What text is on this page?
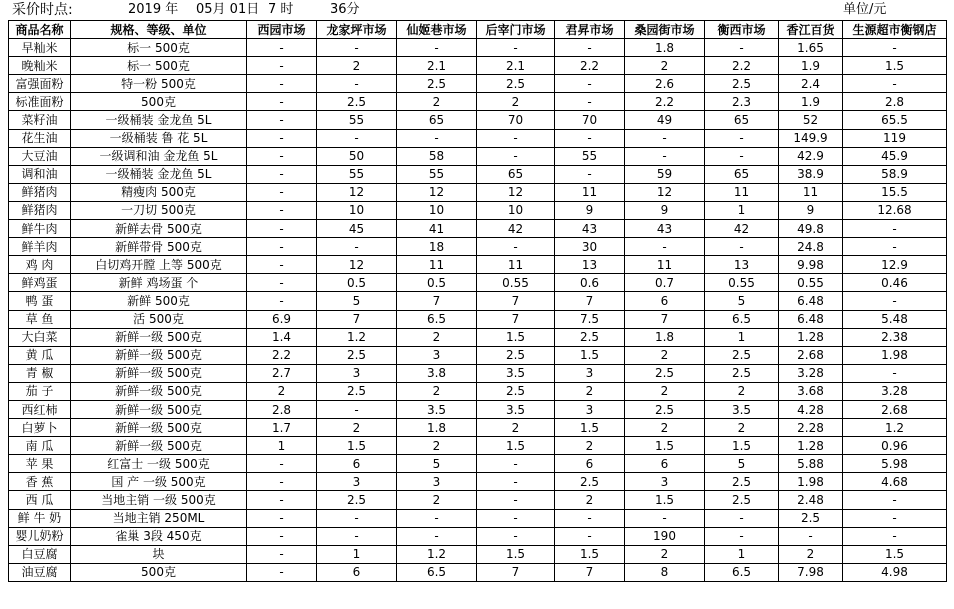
采价时点:	2019 年 05月 01日 7 时	36分	单位/元
商品名称	规格、等级、单位	西园市场	龙家坪市场	仙姬巷市场	后宰门市场	君昇市场	桑园街市场	衡西市场	香江百货	生源超市衡钢店
早籼米	标一 500克	-	-	-	-	-	1.8	-	1.65	-
晚籼米	标一 500克	-	2	2.1	2.1	2.2	2	2.2	1.9	1.5
富强面粉	特一粉 500克	-	-	2.5	2.5	-	2.6	2.5	2.4	-
标准面粉	500克	-	2.5	2	2	-	2.2	2.3	1.9	2.8
菜籽油	一级桶装 金龙鱼 5L	-	55	65	70	70	49	65	52	65.5
花生油	一级桶装 鲁 花 5L	-	-	-	-	-	-	-	149.9	119
大豆油	一级调和油 金龙鱼 5L	-	50	58	-	55	-	-	42.9	45.9
调和油	一级桶装 金龙鱼 5L	-	55	55	65	-	59	65	38.9	58.9
鲜猪肉	精瘦肉 500克	-	12	12	12	11	12	11	11	15.5
鲜猪肉	一刀切 500克	-	10	10	10	9	9	1	9	12.68
鲜牛肉	新鲜去骨 500克	-	45	41	42	43	43	42	49.8	-
鲜羊肉	新鲜带骨 500克	-	-	18	-	30	-	-	24.8	-
鸡 肉	白切鸡开膛 上等 500克	-	12	11	11	13	11	13	9.98	12.9
鲜鸡蛋	新鲜 鸡场蛋 个	-	0.5	0.5	0.55	0.6	0.7	0.55	0.55	0.46
鸭 蛋	新鲜 500克	-	5	7	7	7	6	5	6.48	-
草 鱼	活 500克	6.9	7	6.5	7	7.5	7	6.5	6.48	5.48
大白菜	新鲜一级 500克	1.4	1.2	2	1.5	2.5	1.8	1	1.28	2.38
黄 瓜	新鲜一级 500克	2.2	2.5	3	2.5	1.5	2	2.5	2.68	1.98
青 椒	新鲜一级 500克	2.7	3	3.8	3.5	3	2.5	2.5	3.28	-
茄 子	新鲜一级 500克	2	2.5	2	2.5	2	2	2	3.68	3.28
西红柿	新鲜一级 500克	2.8	-	3.5	3.5	3	2.5	3.5	4.28	2.68
白萝卜	新鲜一级 500克	1.7	2	1.8	2	1.5	2	2	2.28	1.2
南 瓜	新鲜一级 500克	1	1.5	2	1.5	2	1.5	1.5	1.28	0.96
苹 果	红富士 一级 500克	-	6	5	-	6	6	5	5.88	5.98
香 蕉	国 产 一级 500克	-	3	3	-	2.5	3	2.5	1.98	4.68
西 瓜	当地主销 一级 500克	-	2.5	2	-	2	1.5	2.5	2.48	-
鲜 牛 奶	当地主销 250ML	-	-	-	-	-	-	-	2.5	-
婴儿奶粉	雀巢 3段 450克	-	-	-	-	-	190	-	-	-
白豆腐	块	-	1	1.2	1.5	1.5	2	1	2	1.5
油豆腐	500克	-	6	6.5	7	7	8	6.5	7.98	4.98
